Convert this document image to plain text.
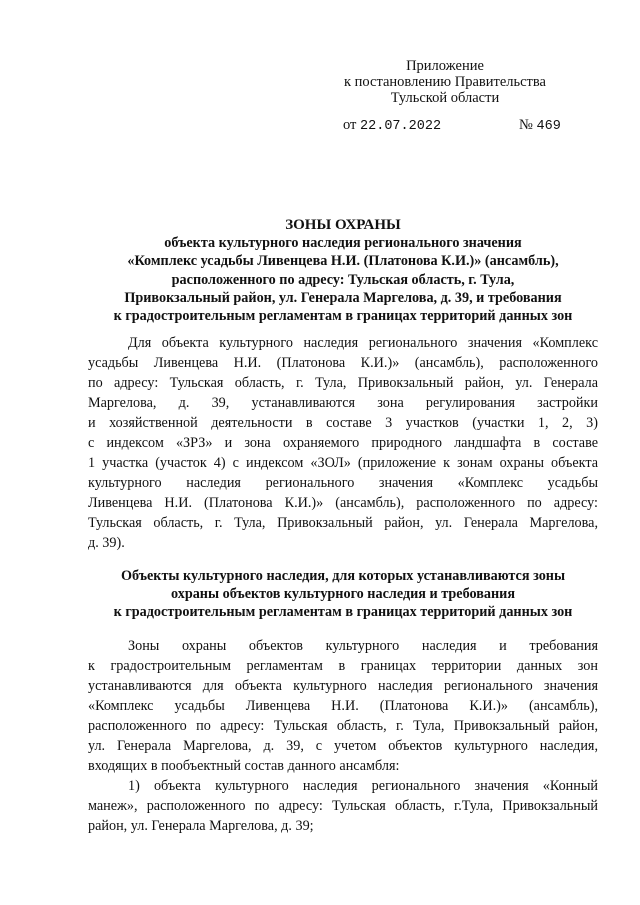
Приложение
к постановлению Правительства
Тульской области
от 22.07.2022	№ 469
ЗОНЫ ОХРАНЫ
объекта культурного наследия регионального значения
«Комплекс усадьбы Ливенцева Н.И. (Платонова К.И.)» (ансамбль),
расположенного по адресу: Тульская область, г. Тула,
Привокзальный район, ул. Генерала Маргелова, д. 39, и требования
к градостроительным регламентам в границах территорий данных зон
Для объекта культурного наследия регионального значения «Комплекс
усадьбы Ливенцева Н.И. (Платонова К.И.)» (ансамбль), расположенного
по адресу: Тульская область, г. Тула, Привокзальный район, ул. Генерала
Маргелова, д. 39, устанавливаются зона регулирования застройки
и хозяйственной деятельности в составе 3 участков (участки 1, 2, 3)
с индексом «ЗРЗ» и зона охраняемого природного ландшафта в составе
1 участка (участок 4) с индексом «ЗОЛ» (приложение к зонам охраны объекта
культурного наследия регионального значения «Комплекс усадьбы
Ливенцева Н.И. (Платонова К.И.)» (ансамбль), расположенного по адресу:
Тульская область, г. Тула, Привокзальный район, ул. Генерала Маргелова,
д. 39).
Объекты культурного наследия, для которых устанавливаются зоны
охраны объектов культурного наследия и требования
к градостроительным регламентам в границах территорий данных зон
Зоны охраны объектов культурного наследия и требования
к градостроительным регламентам в границах территории данных зон
устанавливаются для объекта культурного наследия регионального значения
«Комплекс усадьбы Ливенцева Н.И. (Платонова К.И.)» (ансамбль),
расположенного по адресу: Тульская область, г. Тула, Привокзальный район,
ул. Генерала Маргелова, д. 39, с учетом объектов культурного наследия,
входящих в пообъектный состав данного ансамбля:
1) объекта культурного наследия регионального значения «Конный
манеж», расположенного по адресу: Тульская область, г.Тула, Привокзальный
район, ул. Генерала Маргелова, д. 39;
